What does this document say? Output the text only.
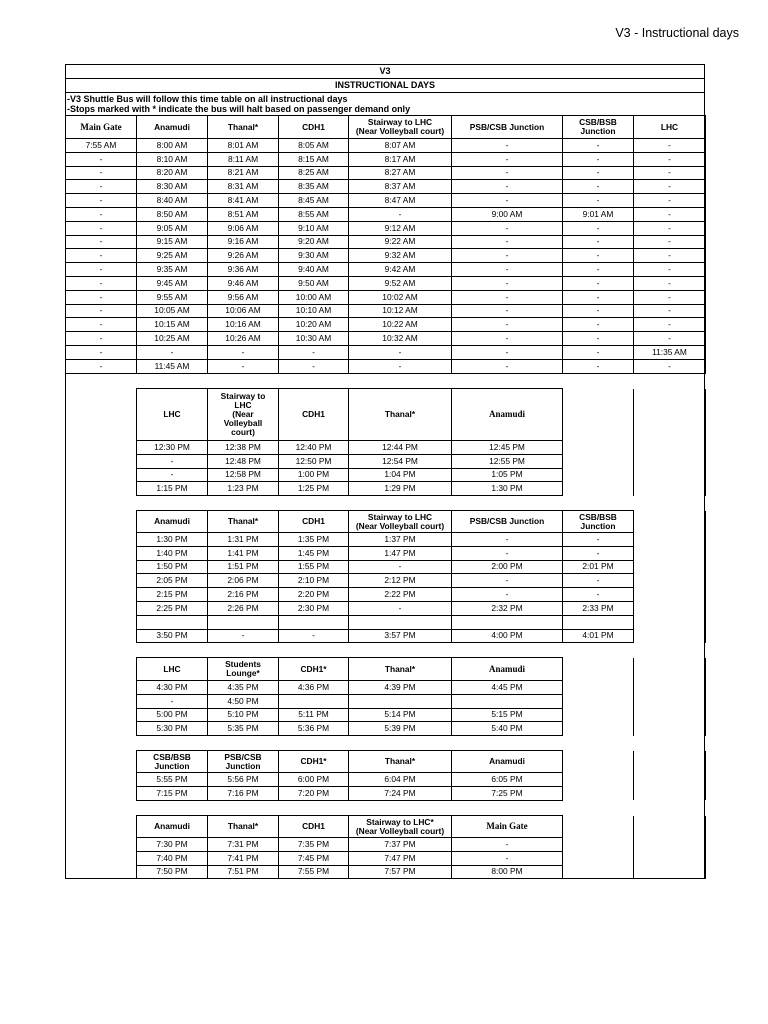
V3 - Instructional days
V3
INSTRUCTIONAL DAYS
-V3 Shuttle Bus will follow this time table on all instructional days
-Stops marked with * indicate the bus will halt based on passenger demand only
Main Gate	Anamudi	Thanal*	CDH1	Stairway to LHC
(Near Volleyball court)	PSB/CSB Junction	CSB/BSB
Junction	LHC
7:55 AM	8:00 AM	8:01 AM	8:05 AM	8:07 AM	-	-	-
-	8:10 AM	8:11 AM	8:15 AM	8:17 AM	-	-	-
-	8:20 AM	8:21 AM	8:25 AM	8:27 AM	-	-	-
-	8:30 AM	8:31 AM	8:35 AM	8:37 AM	-	-	-
-	8:40 AM	8:41 AM	8:45 AM	8:47 AM	-	-	-
-	8:50 AM	8:51 AM	8:55 AM	-	9:00 AM	9:01 AM	-
-	9:05 AM	9:06 AM	9:10 AM	9:12 AM	-	-	-
-	9:15 AM	9:16 AM	9:20 AM	9:22 AM	-	-	-
-	9:25 AM	9:26 AM	9:30 AM	9:32 AM	-	-	-
-	9:35 AM	9:36 AM	9:40 AM	9:42 AM	-	-	-
-	9:45 AM	9:46 AM	9:50 AM	9:52 AM	-	-	-
-	9:55 AM	9:56 AM	10:00 AM	10:02 AM	-	-	-
-	10:05 AM	10:06 AM	10:10 AM	10:12 AM	-	-	-
-	10:15 AM	10:16 AM	10:20 AM	10:22 AM	-	-	-
-	10:25 AM	10:26 AM	10:30 AM	10:32 AM	-	-	-
-	-	-	-	-	-	-	11:35 AM
-	11:45 AM	-	-	-	-	-	-
	LHC	Stairway to
LHC
(Near
Volleyball
court)	CDH1	Thanal*	Anamudi		
	12:30 PM	12:38 PM	12:40 PM	12:44 PM	12:45 PM		
	-	12:48 PM	12:50 PM	12:54 PM	12:55 PM		
	-	12:58 PM	1:00 PM	1:04 PM	1:05 PM		
	1:15 PM	1:23 PM	1:25 PM	1:29 PM	1:30 PM		
	Anamudi	Thanal*	CDH1	Stairway to LHC
(Near Volleyball court)	PSB/CSB Junction	CSB/BSB
Junction	
	1:30 PM	1:31 PM	1:35 PM	1:37 PM	-	-	
	1:40 PM	1:41 PM	1:45 PM	1:47 PM	-	-	
	1:50 PM	1:51 PM	1:55 PM	-	2:00 PM	2:01 PM	
	2:05 PM	2:06 PM	2:10 PM	2:12 PM	-	-	
	2:15 PM	2:16 PM	2:20 PM	2:22 PM	-	-	
	2:25 PM	2:26 PM	2:30 PM	-	2:32 PM	2:33 PM	

	3:50 PM	-	-	3:57 PM	4:00 PM	4:01 PM	
	LHC	Students
Lounge*	CDH1*	Thanal*	Anamudi		
	4:30 PM	4:35 PM	4:36 PM	4:39 PM	4:45 PM		
	-	4:50 PM					
	5:00 PM	5:10 PM	5:11 PM	5:14 PM	5:15 PM		
	5:30 PM	5:35 PM	5:36 PM	5:39 PM	5:40 PM		
	CSB/BSB
Junction	PSB/CSB
Junction	CDH1*	Thanal*	Anamudi		
	5:55 PM	5:56 PM	6:00 PM	6:04 PM	6:05 PM		
	7:15 PM	7:16 PM	7:20 PM	7:24 PM	7:25 PM		
	Anamudi	Thanal*	CDH1	Stairway to LHC*
(Near Volleyball court)	Main Gate		
	7:30 PM	7:31 PM	7:35 PM	7:37 PM	-		
	7:40 PM	7:41 PM	7:45 PM	7:47 PM	-		
	7:50 PM	7:51 PM	7:55 PM	7:57 PM	8:00 PM		
